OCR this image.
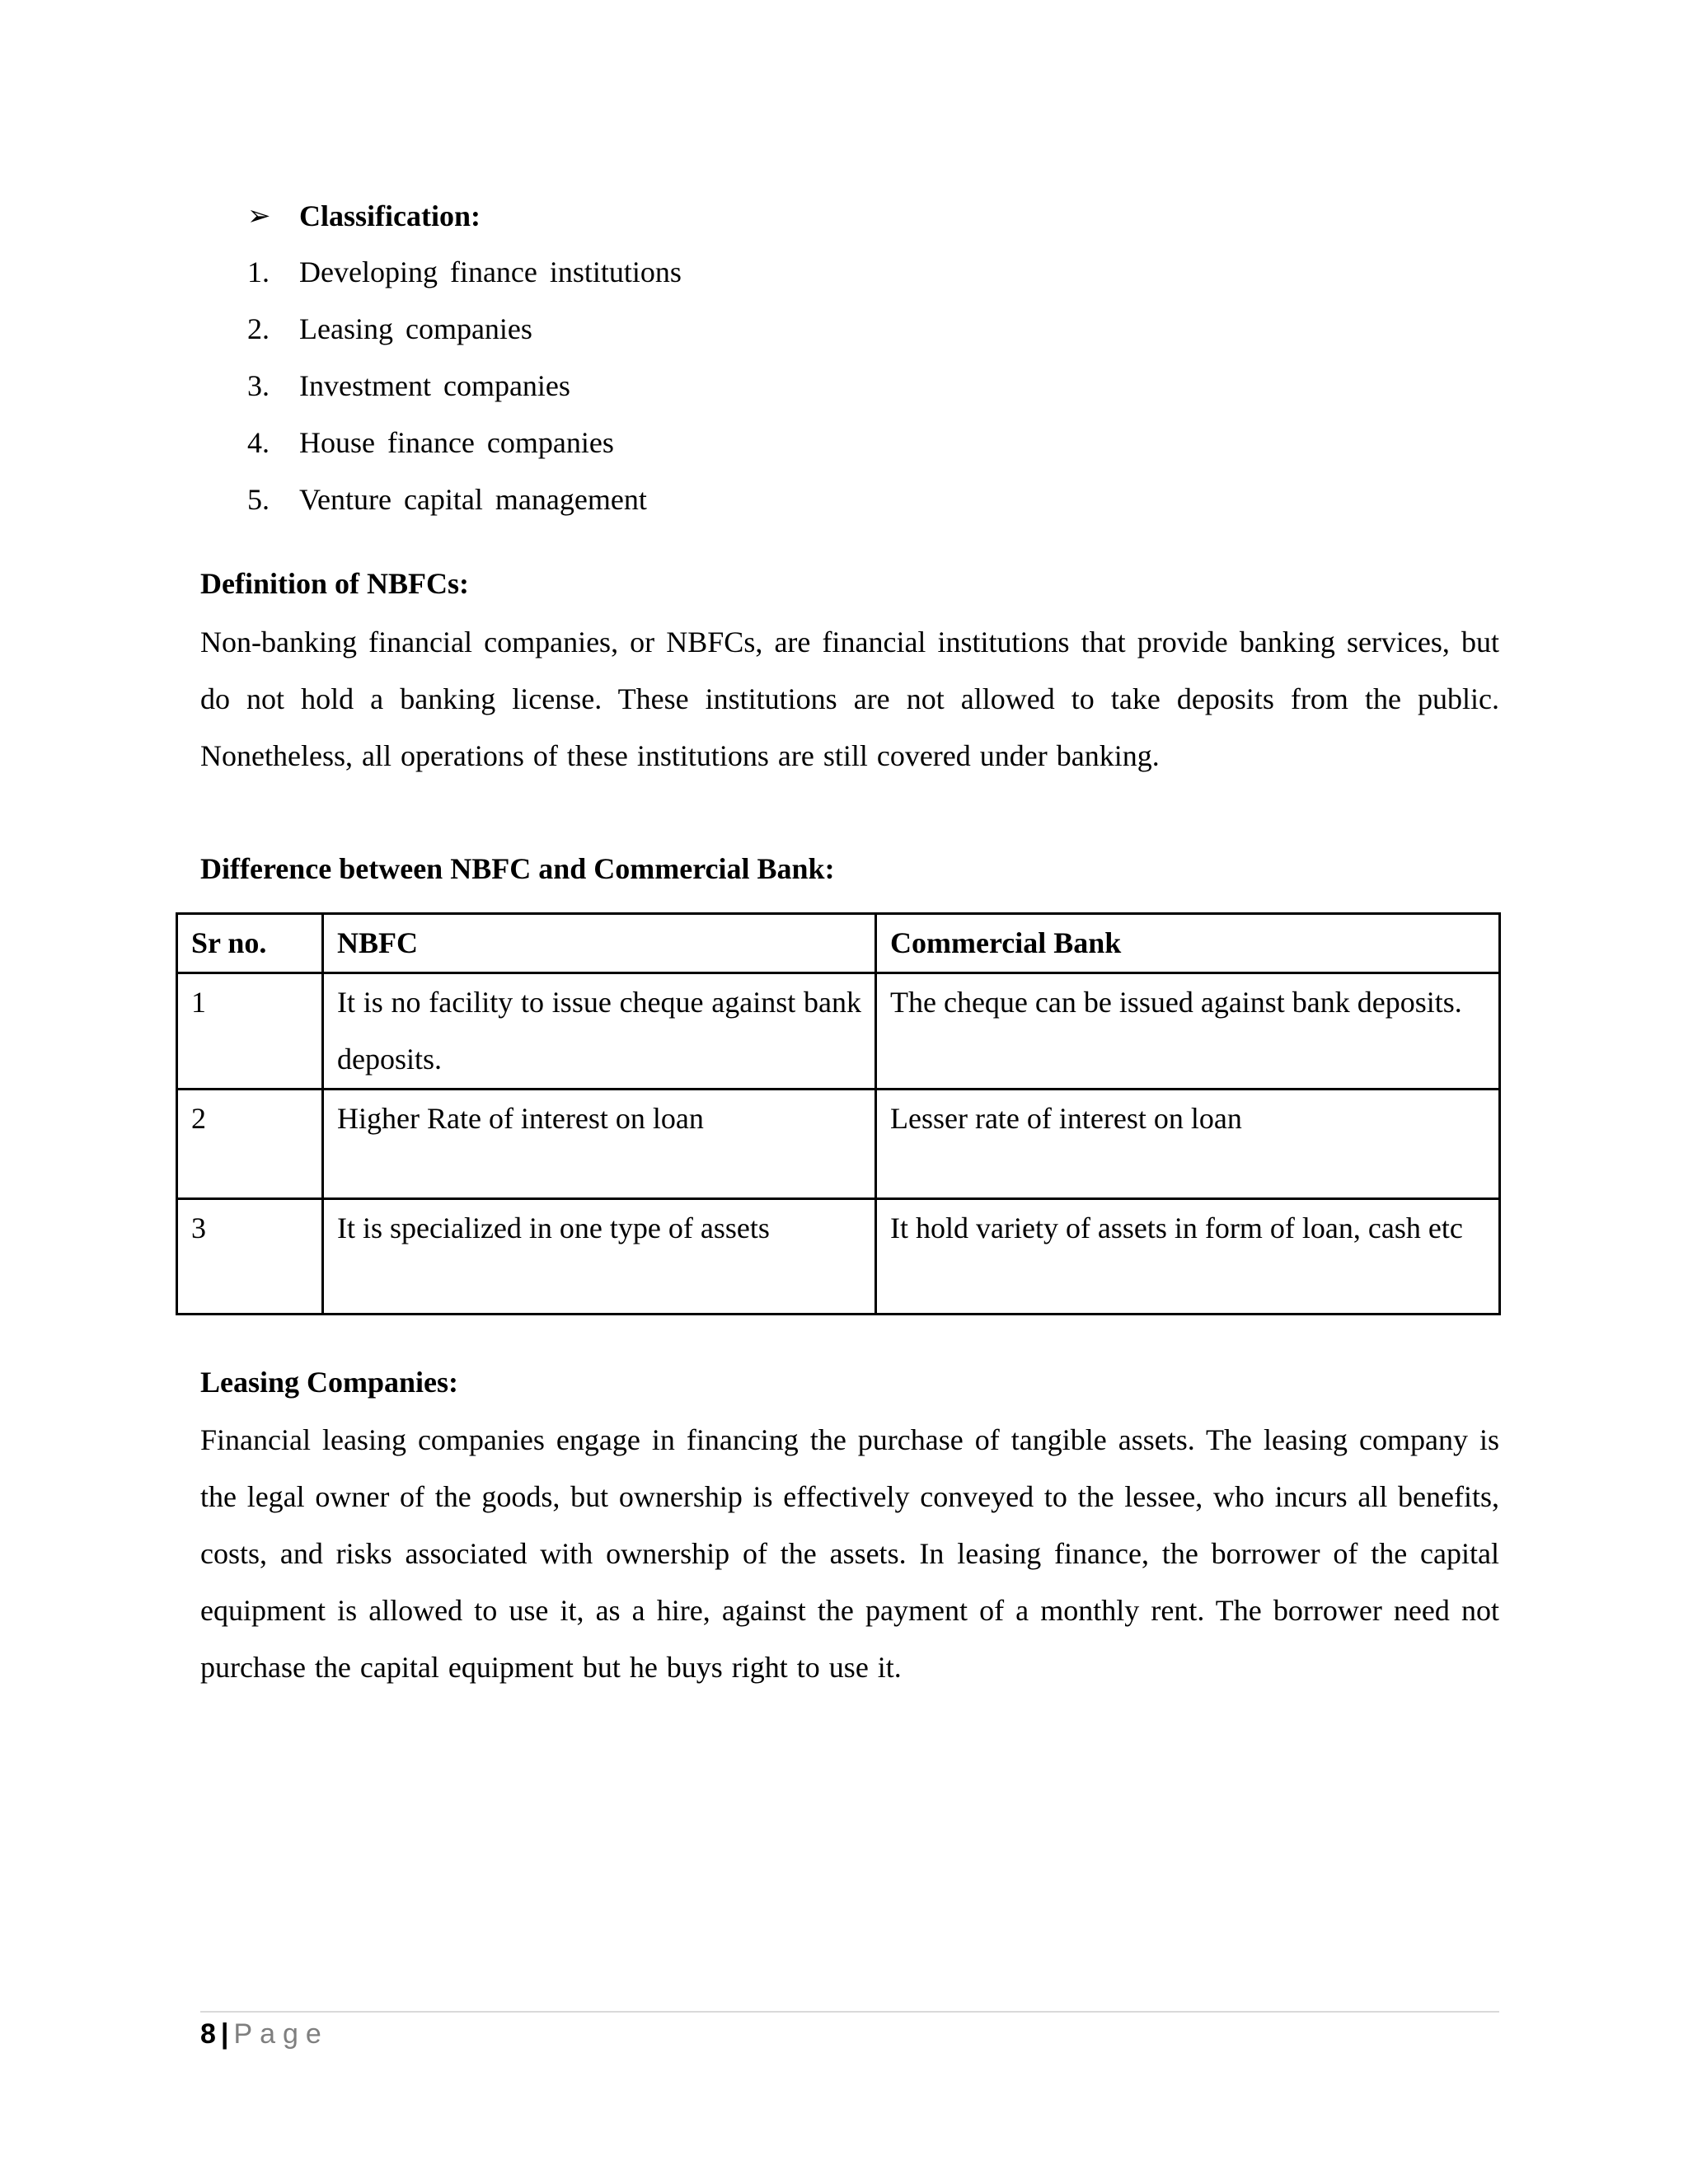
➢ Classification:
1. Developing finance institutions
2. Leasing companies
3. Investment companies
4. House finance companies
5. Venture capital management
Definition of NBFCs:

Non-banking financial companies, or NBFCs, are financial institutions that provide banking services, but do not hold a banking license. These institutions are not allowed to take deposits from the public. Nonetheless, all operations of these institutions are still covered under banking.

Difference between NBFC and Commercial Bank:
Sr no.	NBFC	Commercial Bank
1	It is no facility to issue cheque against bank deposits.	The cheque can be issued against bank deposits.
2	Higher Rate of interest on loan	Lesser rate of interest on loan
3	It is specialized in one type of assets	It hold variety of assets in form of loan, cash etc
Leasing Companies:

Financial leasing companies engage in financing the purchase of tangible assets. The leasing company is the legal owner of the goods, but ownership is effectively conveyed to the lessee, who incurs all benefits, costs, and risks associated with ownership of the assets. In leasing finance, the borrower of the capital equipment is allowed to use it, as a hire, against the payment of a monthly rent. The borrower need not purchase the capital equipment but he buys right to use it.

8 | Page
